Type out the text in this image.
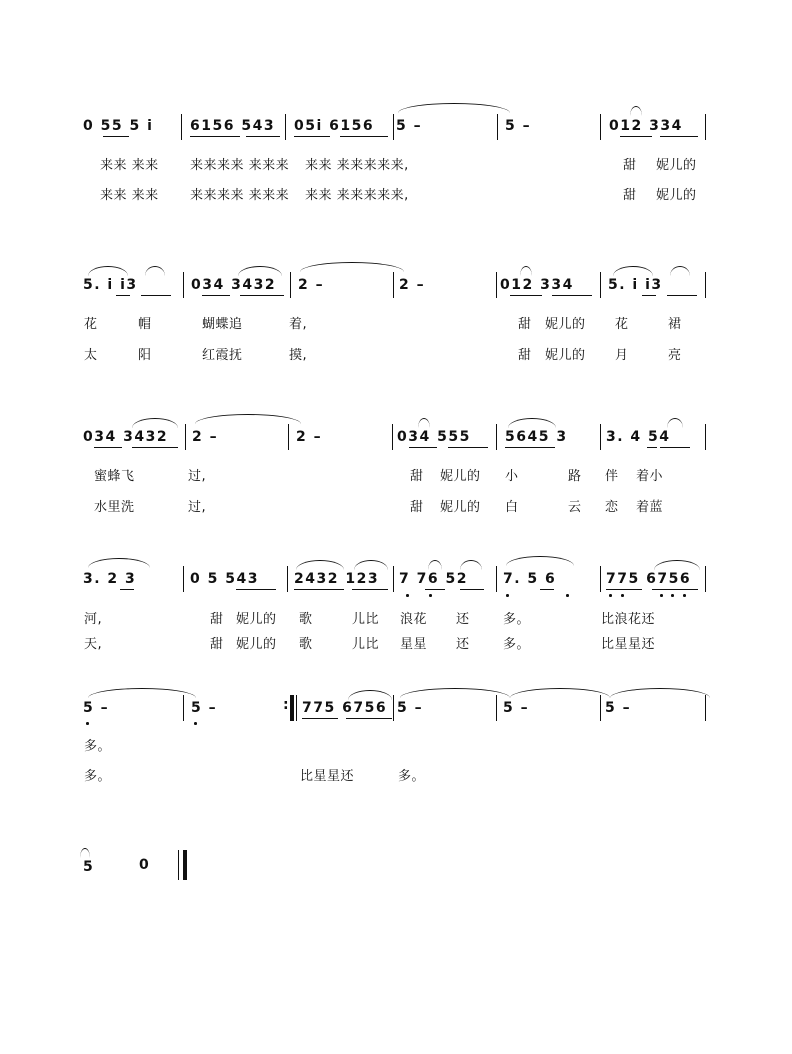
0 55 5 i	6156 543 05i 6156 5 –	5 –	012 334
来来 来来 来来来来 来来来 来来 来来来来来,	甜 妮儿的
来来 来来 来来来来 来来来 来来 来来来来来,	甜 妮儿的
5. i i3	034 3432 2 –	2 –	012 334 5. i i3
花	帽	蝴蝶追	着,	甜 妮儿的 花	裙
太	阳	红霞抚	摸,	甜 妮儿的 月	亮
034 3432 2 –	2 –	034 555 5645 3	3. 4 54
蜜蜂飞	过,	甜 妮儿的 小	路 伴 着小
水里洗	过,	甜 妮儿的 白	云 恋 着蓝
3. 2 3	0 5 543	2432 123 7 76 52	7. 5 6	775 6756
河,	甜 妮儿的 歌	儿比 浪花 还	多。	比浪花还
天,	甜 妮儿的 歌	儿比 星星 还	多。	比星星还
:
5 –	5 –	775 6756 5 –	5 –	5 –
多。
多。	比星星还	多。
5	0
